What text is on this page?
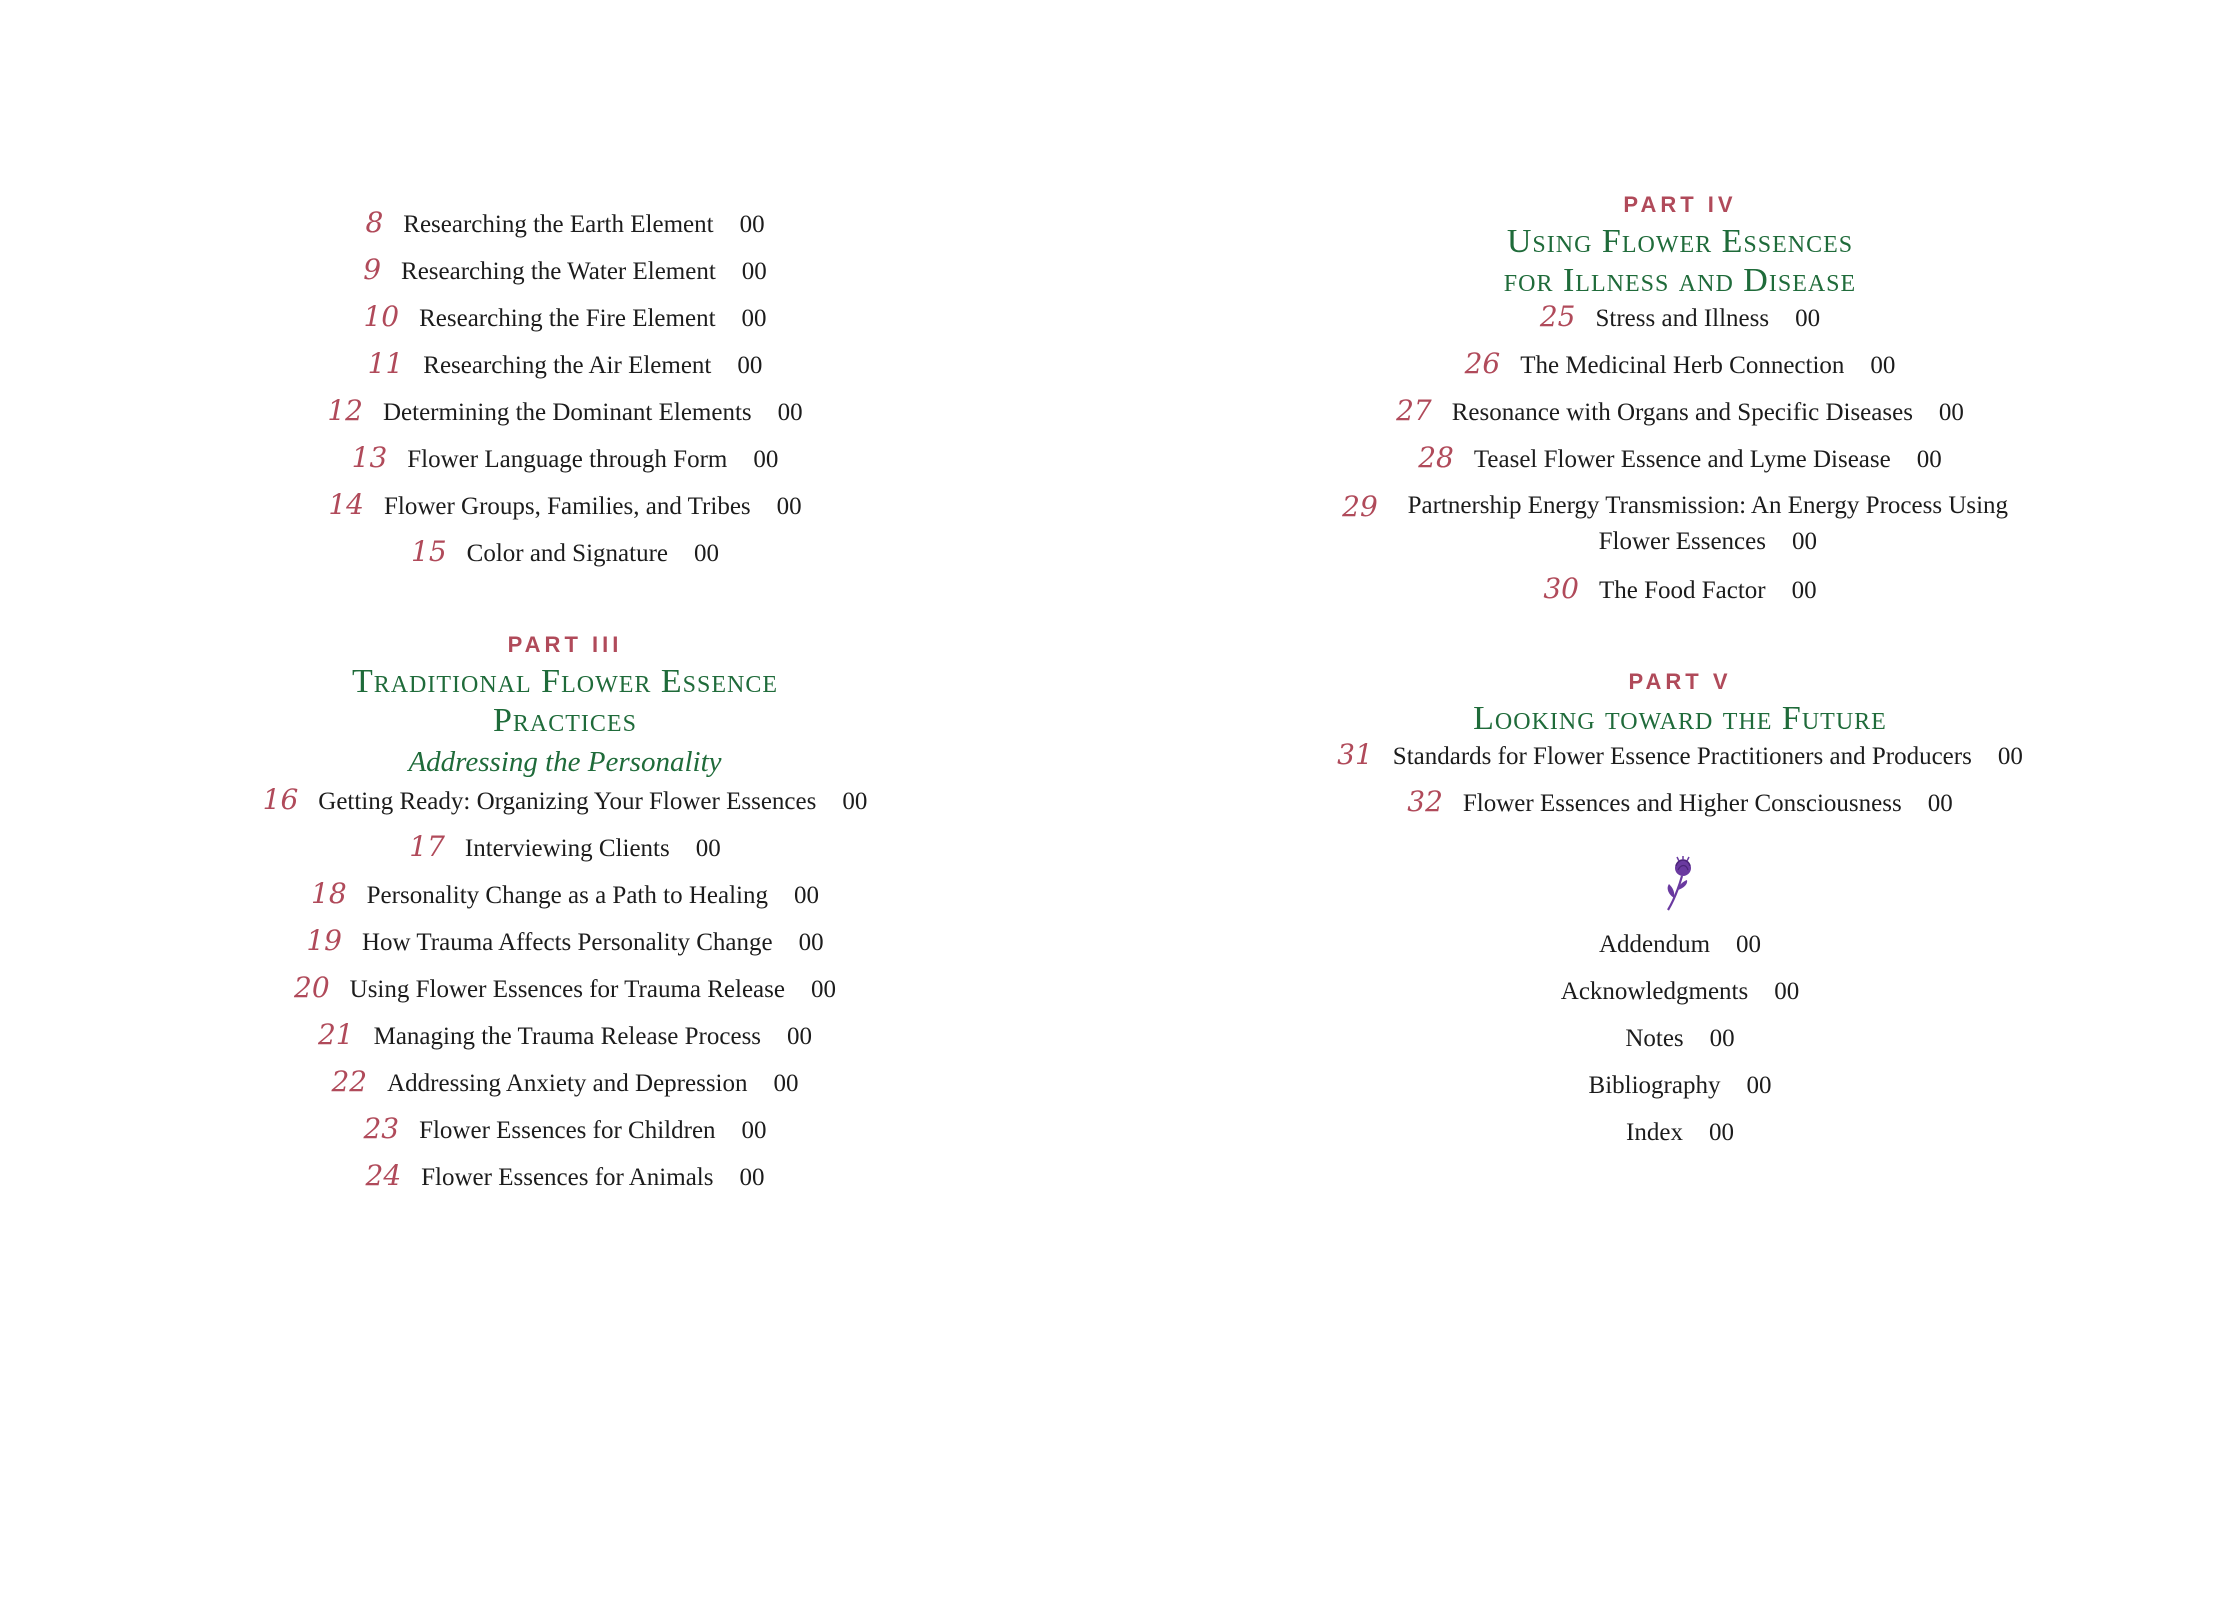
8 Researching the Earth Element 00
9 Researching the Water Element 00
10 Researching the Fire Element 00
11 Researching the Air Element 00
12 Determining the Dominant Elements 00
13 Flower Language through Form 00
14 Flower Groups, Families, and Tribes 00
15 Color and Signature 00
PART III
Traditional Flower Essence
Practices
Addressing the Personality
16 Getting Ready: Organizing Your Flower Essences 00
17 Interviewing Clients 00
18 Personality Change as a Path to Healing 00
19 How Trauma Affects Personality Change 00
20 Using Flower Essences for Trauma Release 00
21 Managing the Trauma Release Process 00
22 Addressing Anxiety and Depression 00
23 Flower Essences for Children 00
24 Flower Essences for Animals 00
PART IV
Using Flower Essences
for Illness and Disease
25 Stress and Illness 00
26 The Medicinal Herb Connection 00
27 Resonance with Organs and Specific Diseases 00
28 Teasel Flower Essence and Lyme Disease 00
29	Partnership Energy Transmission: An Energy Process Using
Flower Essences 00
30 The Food Factor 00
PART V
Looking toward the Future
31 Standards for Flower Essence Practitioners and Producers 00
32 Flower Essences and Higher Consciousness 00
Addendum 00
Acknowledgments 00
Notes 00
Bibliography 00
Index 00
